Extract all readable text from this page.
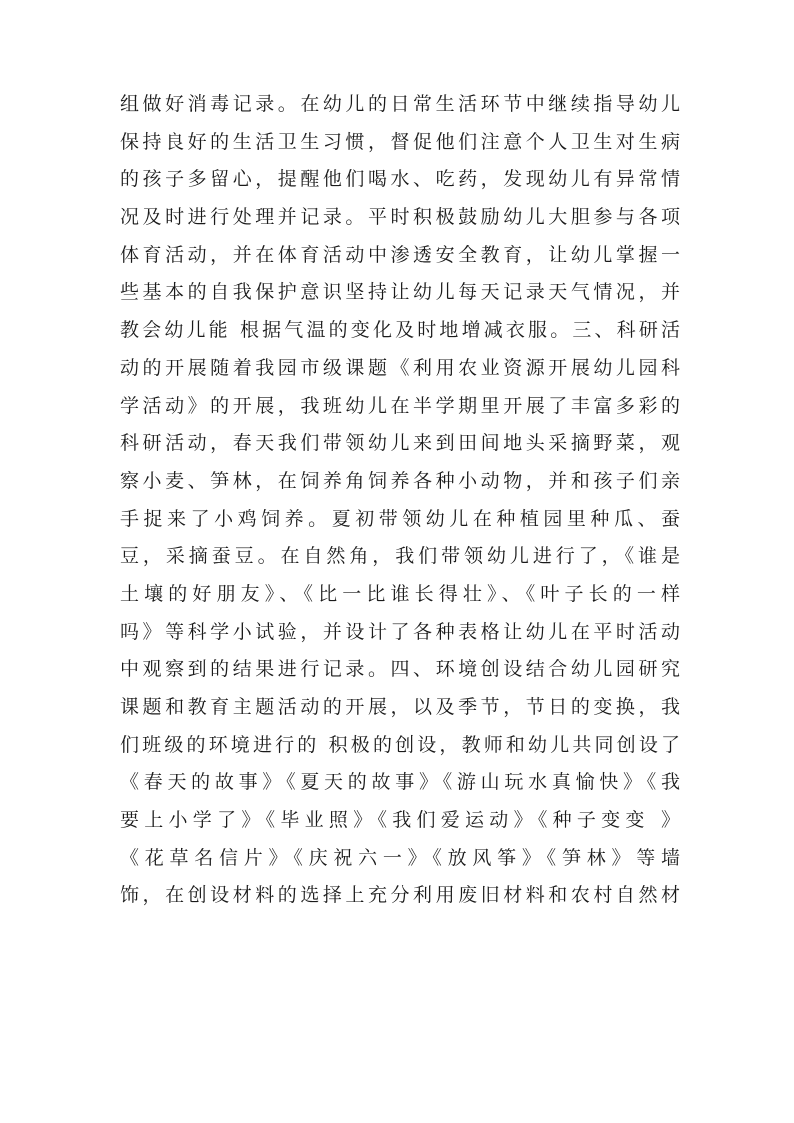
组做好消毒记录。在幼儿的日常生活环节中继续指导幼儿
保持良好的生活卫生习惯，督促他们注意个人卫生对生病
的孩子多留心，提醒他们喝水、吃药，发现幼儿有异常情
况及时进行处理并记录。平时积极鼓励幼儿大胆参与各项
体育活动，并在体育活动中渗透安全教育，让幼儿掌握一
些基本的自我保护意识坚持让幼儿每天记录天气情况，并
教会幼儿能 根据气温的变化及时地增减衣服。三、科研活
动的开展随着我园市级课题《利用农业资源开展幼儿园科
学活动》的开展，我班幼儿在半学期里开展了丰富多彩的
科研活动，春天我们带领幼儿来到田间地头采摘野菜，观
察小麦、笋林，在饲养角饲养各种小动物，并和孩子们亲
手捉来了小鸡饲养。夏初带领幼儿在种植园里种瓜、蚕
豆，采摘蚕豆。在自然角，我们带领幼儿进行了，《谁是
土壤的好朋友》、《比一比谁长得壮》、《叶子长的一样
吗》等科学小试验，并设计了各种表格让幼儿在平时活动
中观察到的结果进行记录。四、环境创设结合幼儿园研究
课题和教育主题活动的开展，以及季节，节日的变换，我
们班级的环境进行的 积极的创设，教师和幼儿共同创设了
《春天的故事》《夏天的故事》《游山玩水真愉快》《我
要上小学了》《毕业照》《我们爱运动》《种子变变 》
《花草名信片》《庆祝六一》《放风筝》《笋林》等墙
饰，在创设材料的选择上充分利用废旧材料和农村自然材
